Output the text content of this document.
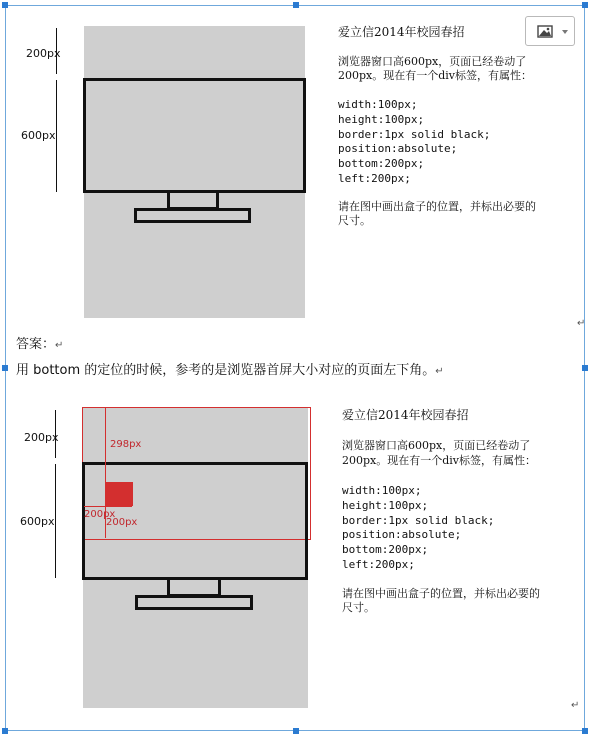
200px
600px
爱立信2014年校园春招
浏览器窗口高600px，页面已经卷动了
200px。现在有一个div标签，有属性：
width:100px;
height:100px;
border:1px solid black;
position:absolute;
bottom:200px;
left:200px;
请在图中画出盒子的位置，并标出必要的
尺寸。
↵
答案：↵
用 bottom 的定位的时候，参考的是浏览器首屏大小对应的页面左下角。↵
298px
200px
200px
200px
600px
爱立信2014年校园春招
浏览器窗口高600px，页面已经卷动了
200px。现在有一个div标签，有属性：
width:100px;
height:100px;
border:1px solid black;
position:absolute;
bottom:200px;
left:200px;
请在图中画出盒子的位置，并标出必要的
尺寸。
↵
